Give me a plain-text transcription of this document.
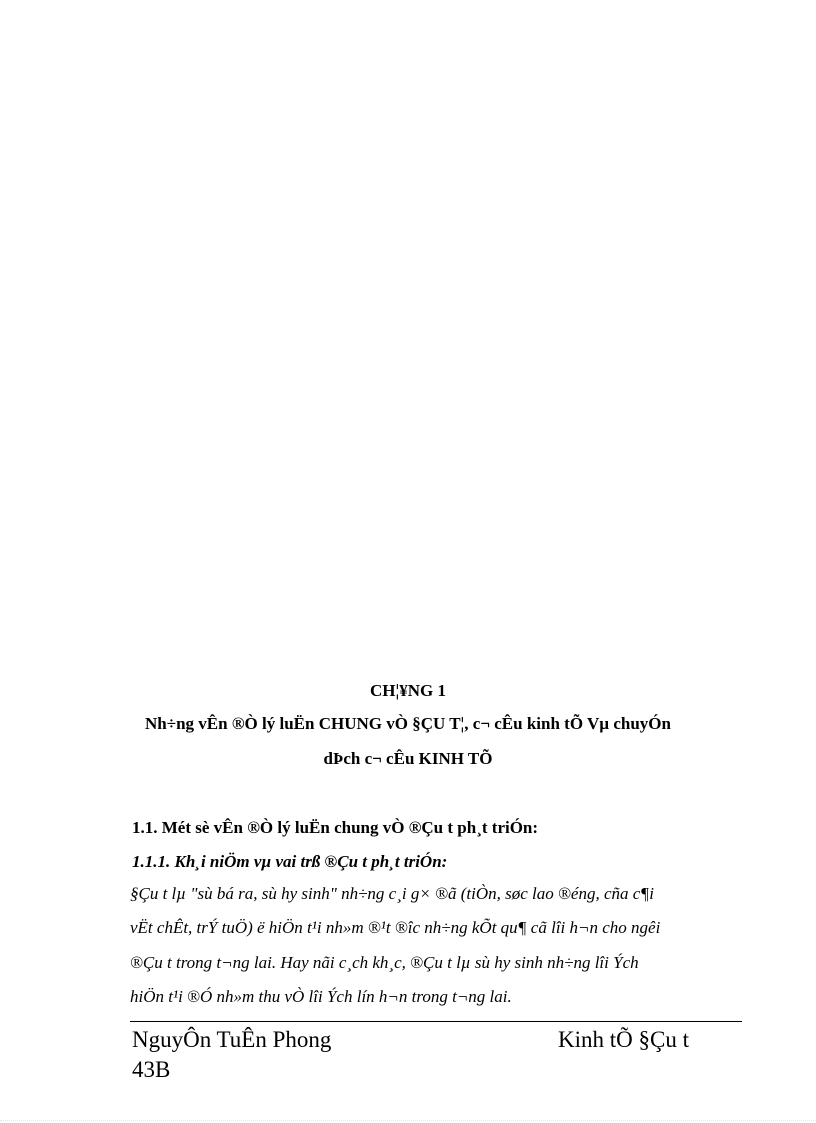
CH¦¥NG 1
Nh÷ng vÊn ®Ò lý luËn CHUNG vÒ §ÇU T¦, c¬ cÊu kinh tÕ Vµ chuyÓn
dÞch c¬ cÊu KINH TÕ
1.1. Mét sè vÊn ®Ò lý luËn chung vÒ ®Çu t ph¸t triÓn:
1.1.1. Kh¸i niÖm vµ vai trß ®Çu t ph¸t triÓn:
§Çu t lµ "sù bá ra, sù hy sinh" nh÷ng c¸i g× ®ã (tiÒn, søc lao ®éng, cña c¶i
vËt chÊt, trÝ tuÖ) ë hiÖn t¹i nh»m ®¹t ®îc nh÷ng kÕt qu¶ cã lîi h¬n cho ngêi
®Çu t trong t¬ng lai. Hay nãi c¸ch kh¸c, ®Çu t lµ sù hy sinh nh÷ng lîi Ých
hiÖn t¹i ®Ó nh»m thu vÒ lîi Ých lín h¬n trong t¬ng lai.
NguyÔn TuÊn Phong
43B
Kinh tÕ §Çu t
